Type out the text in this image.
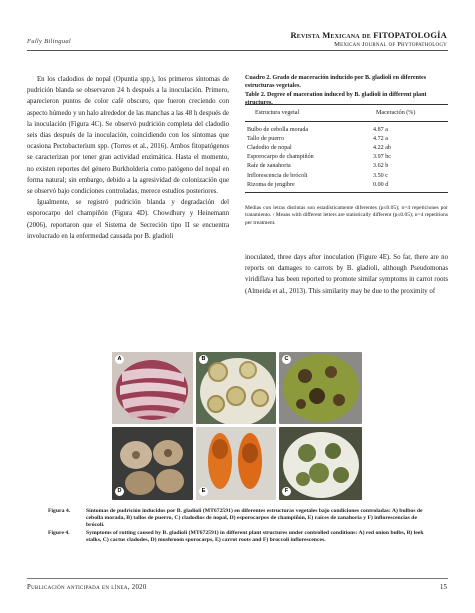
Fully Bilingual
Revista Mexicana de FITOPATOLOGÍA
Mexican Journal of Phytopathology

En los cladodios de nopal (Opuntia spp.), los primeros síntomas de pudrición blanda se observaron 24 h después a la inoculación. Primero, aparecieron puntos de color café obscuro, que fueron creciendo con aspecto húmedo y un halo alrededor de las manchas a las 48 h después de la inoculación (Figura 4C). Se observó pudrición completa del cladodio seis días después de la inoculación, coincidiendo con los síntomas que ocasiona Pectobacterium spp. (Torres et al., 2016). Ambos fitopatógenos se caracterizan por tener gran actividad enzimática. Hasta el momento, no existen reportes del género Burkholderia como patógeno del nopal en forma natural; sin embargo, debido a la agresividad de colonización que se observó bajo condiciones controladas, merece estudios posteriores.

Igualmente, se registró pudrición blanda y degradación del esporocarpo del champiñón (Figura 4D). Chowdhury y Heinemann (2006), reportaron que el Sistema de Secreción tipo II se encuentra involucrado en la enfermedad causada por B. gladioli

Cuadro 2. Grado de maceración inducido por B. gladioli en diferentes estructuras vegetales.
Table 2. Degree of maceration induced by B. gladioli in different plant structures.
Estructura vegetal	Maceración (%)
Bulbo de cebolla morada	4.87 a
Tallo de puerro	4.72 a
Cladodio de nopal	4.22 ab
Esporocarpo de champiñón	3.97 bc
Raíz de zanahoria	3.62 b
Inflorescencia de brócoli	3.50 c
Rizoma de jengibre	0.00 d
Medias con letras distintas son estadísticamente diferentes (p≤0.05); n=4 repeticiones por tratamiento. / Means with different letters are statistically different (p≤0.05); n=4 repetitions per treatment.

inoculated, three days after inoculation (Figure 4E). So far, there are no reports on damages to carrots by B. gladioli, although Pseudomonas viridiflava has been reported to promote similar symptoms in carrot roots (Almeida et al., 2013). This similarity may be due to the proximity of

A	B	C
D	E	F
Figura 4.	Síntomas de pudrición inducidos por B. gladioli (MT672591) en diferentes estructuras vegetales bajo condiciones controladas: A) bulbos de cebolla morada, B) tallos de puerro, C) cladodios de nopal, D) esporocarpos de champiñón, E) raíces de zanahoria y F) inflorescencias de brócoli.
Figure 4.	Symptoms of rotting caused by B. gladioli (MT672591) in different plant structures under controlled conditions: A) red onion bulbs, B) leek stalks, C) cactus cladodes, D) mushroom sporocarps, E) carrot roots and F) broccoli inflorescences.
Publicación anticipada en línea, 2020	15
